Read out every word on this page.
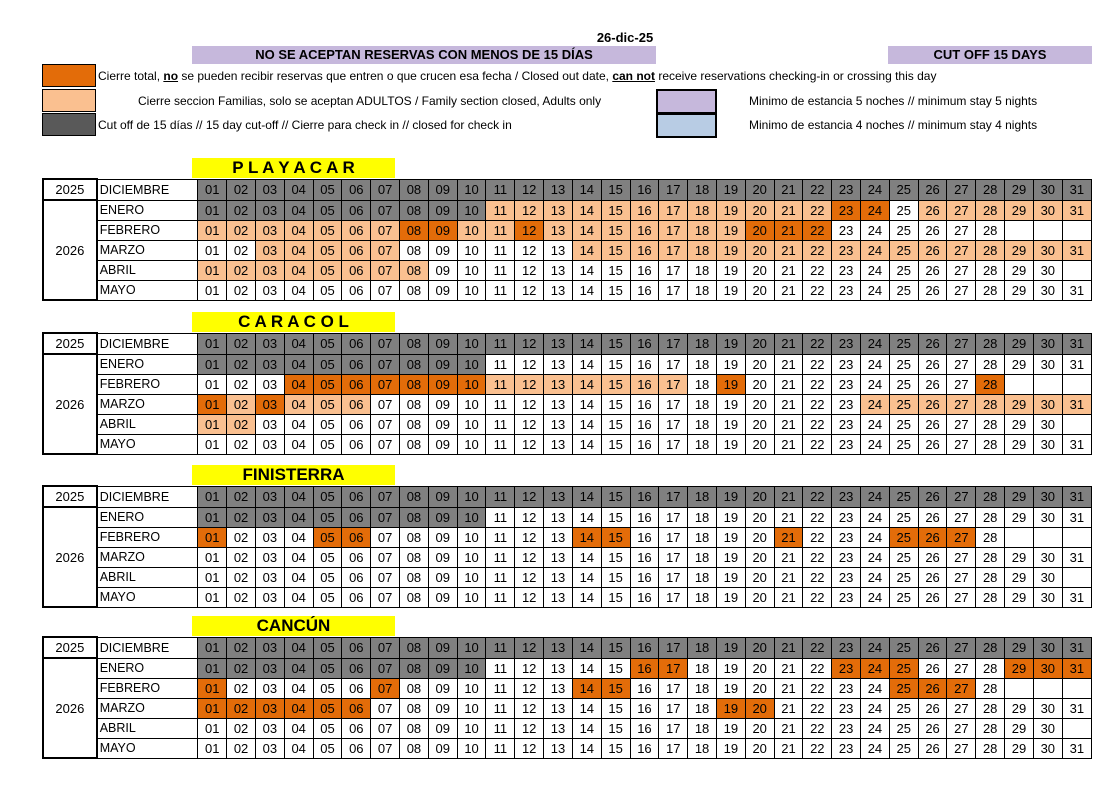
26-dic-25
NO SE ACEPTAN RESERVAS CON MENOS DE 15 DÍAS	CUT OFF 15 DAYS
Cierre total, no se pueden recibir reservas que entren o que crucen esa fecha / Closed out date, can not receive reservations checking-in or crossing this day
Cierre seccion Familias, solo se aceptan ADULTOS / Family section closed, Adults only
Cut off de 15 días // 15 day cut-off // Cierre para check in // closed for check in
Minimo de estancia 5 noches // minimum stay 5 nights
Minimo de estancia 4 noches // minimum stay 4 nights
P L A Y A C A R
2025	DICIEMBRE	01	02	03	04	05	06	07	08	09	10	11	12	13	14	15	16	17	18	19	20	21	22	23	24	25	26	27	28	29	30	31
2026	ENERO	01	02	03	04	05	06	07	08	09	10	11	12	13	14	15	16	17	18	19	20	21	22	23	24	25	26	27	28	29	30	31
	FEBRERO	01	02	03	04	05	06	07	08	09	10	11	12	13	14	15	16	17	18	19	20	21	22	23	24	25	26	27	28			
	MARZO	01	02	03	04	05	06	07	08	09	10	11	12	13	14	15	16	17	18	19	20	21	22	23	24	25	26	27	28	29	30	31
	ABRIL	01	02	03	04	05	06	07	08	09	10	11	12	13	14	15	16	17	18	19	20	21	22	23	24	25	26	27	28	29	30	
	MAYO	01	02	03	04	05	06	07	08	09	10	11	12	13	14	15	16	17	18	19	20	21	22	23	24	25	26	27	28	29	30	31
C A R A C O L
2025	DICIEMBRE	01	02	03	04	05	06	07	08	09	10	11	12	13	14	15	16	17	18	19	20	21	22	23	24	25	26	27	28	29	30	31
2026	ENERO	01	02	03	04	05	06	07	08	09	10	11	12	13	14	15	16	17	18	19	20	21	22	23	24	25	26	27	28	29	30	31
	FEBRERO	01	02	03	04	05	06	07	08	09	10	11	12	13	14	15	16	17	18	19	20	21	22	23	24	25	26	27	28			
	MARZO	01	02	03	04	05	06	07	08	09	10	11	12	13	14	15	16	17	18	19	20	21	22	23	24	25	26	27	28	29	30	31
	ABRIL	01	02	03	04	05	06	07	08	09	10	11	12	13	14	15	16	17	18	19	20	21	22	23	24	25	26	27	28	29	30	
	MAYO	01	02	03	04	05	06	07	08	09	10	11	12	13	14	15	16	17	18	19	20	21	22	23	24	25	26	27	28	29	30	31
FINISTERRA
2025	DICIEMBRE	01	02	03	04	05	06	07	08	09	10	11	12	13	14	15	16	17	18	19	20	21	22	23	24	25	26	27	28	29	30	31
2026	ENERO	01	02	03	04	05	06	07	08	09	10	11	12	13	14	15	16	17	18	19	20	21	22	23	24	25	26	27	28	29	30	31
	FEBRERO	01	02	03	04	05	06	07	08	09	10	11	12	13	14	15	16	17	18	19	20	21	22	23	24	25	26	27	28			
	MARZO	01	02	03	04	05	06	07	08	09	10	11	12	13	14	15	16	17	18	19	20	21	22	23	24	25	26	27	28	29	30	31
	ABRIL	01	02	03	04	05	06	07	08	09	10	11	12	13	14	15	16	17	18	19	20	21	22	23	24	25	26	27	28	29	30	
	MAYO	01	02	03	04	05	06	07	08	09	10	11	12	13	14	15	16	17	18	19	20	21	22	23	24	25	26	27	28	29	30	31
CANCÚN
2025	DICIEMBRE	01	02	03	04	05	06	07	08	09	10	11	12	13	14	15	16	17	18	19	20	21	22	23	24	25	26	27	28	29	30	31
2026	ENERO	01	02	03	04	05	06	07	08	09	10	11	12	13	14	15	16	17	18	19	20	21	22	23	24	25	26	27	28	29	30	31
	FEBRERO	01	02	03	04	05	06	07	08	09	10	11	12	13	14	15	16	17	18	19	20	21	22	23	24	25	26	27	28			
	MARZO	01	02	03	04	05	06	07	08	09	10	11	12	13	14	15	16	17	18	19	20	21	22	23	24	25	26	27	28	29	30	31
	ABRIL	01	02	03	04	05	06	07	08	09	10	11	12	13	14	15	16	17	18	19	20	21	22	23	24	25	26	27	28	29	30	
	MAYO	01	02	03	04	05	06	07	08	09	10	11	12	13	14	15	16	17	18	19	20	21	22	23	24	25	26	27	28	29	30	31
